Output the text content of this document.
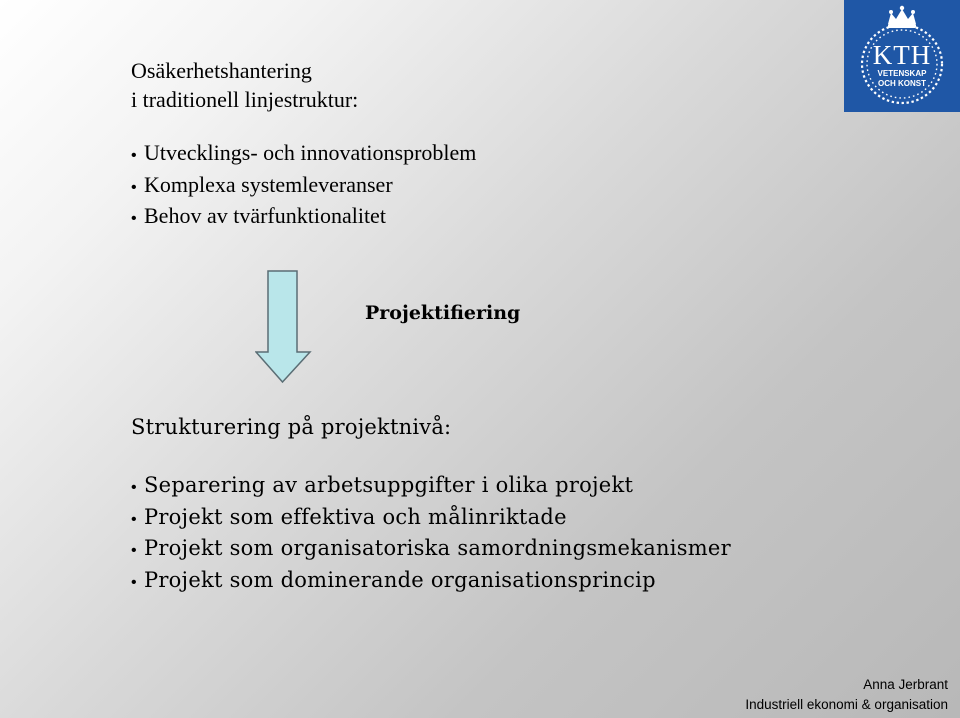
Osäkerhetshantering
i traditionell linjestruktur:
• Utvecklings- och innovationsproblem
• Komplexa systemleveranser
• Behov av tvärfunktionalitet
Projektifiering
Strukturering på projektnivå:
• Separering av arbetsuppgifter i olika projekt
• Projekt som effektiva och målinriktade
• Projekt som organisatoriska samordningsmekanismer
• Projekt som dominerande organisationsprincip
KTH
VETENSKAP
OCH KONST
Anna Jerbrant
Industriell ekonomi & organisation
